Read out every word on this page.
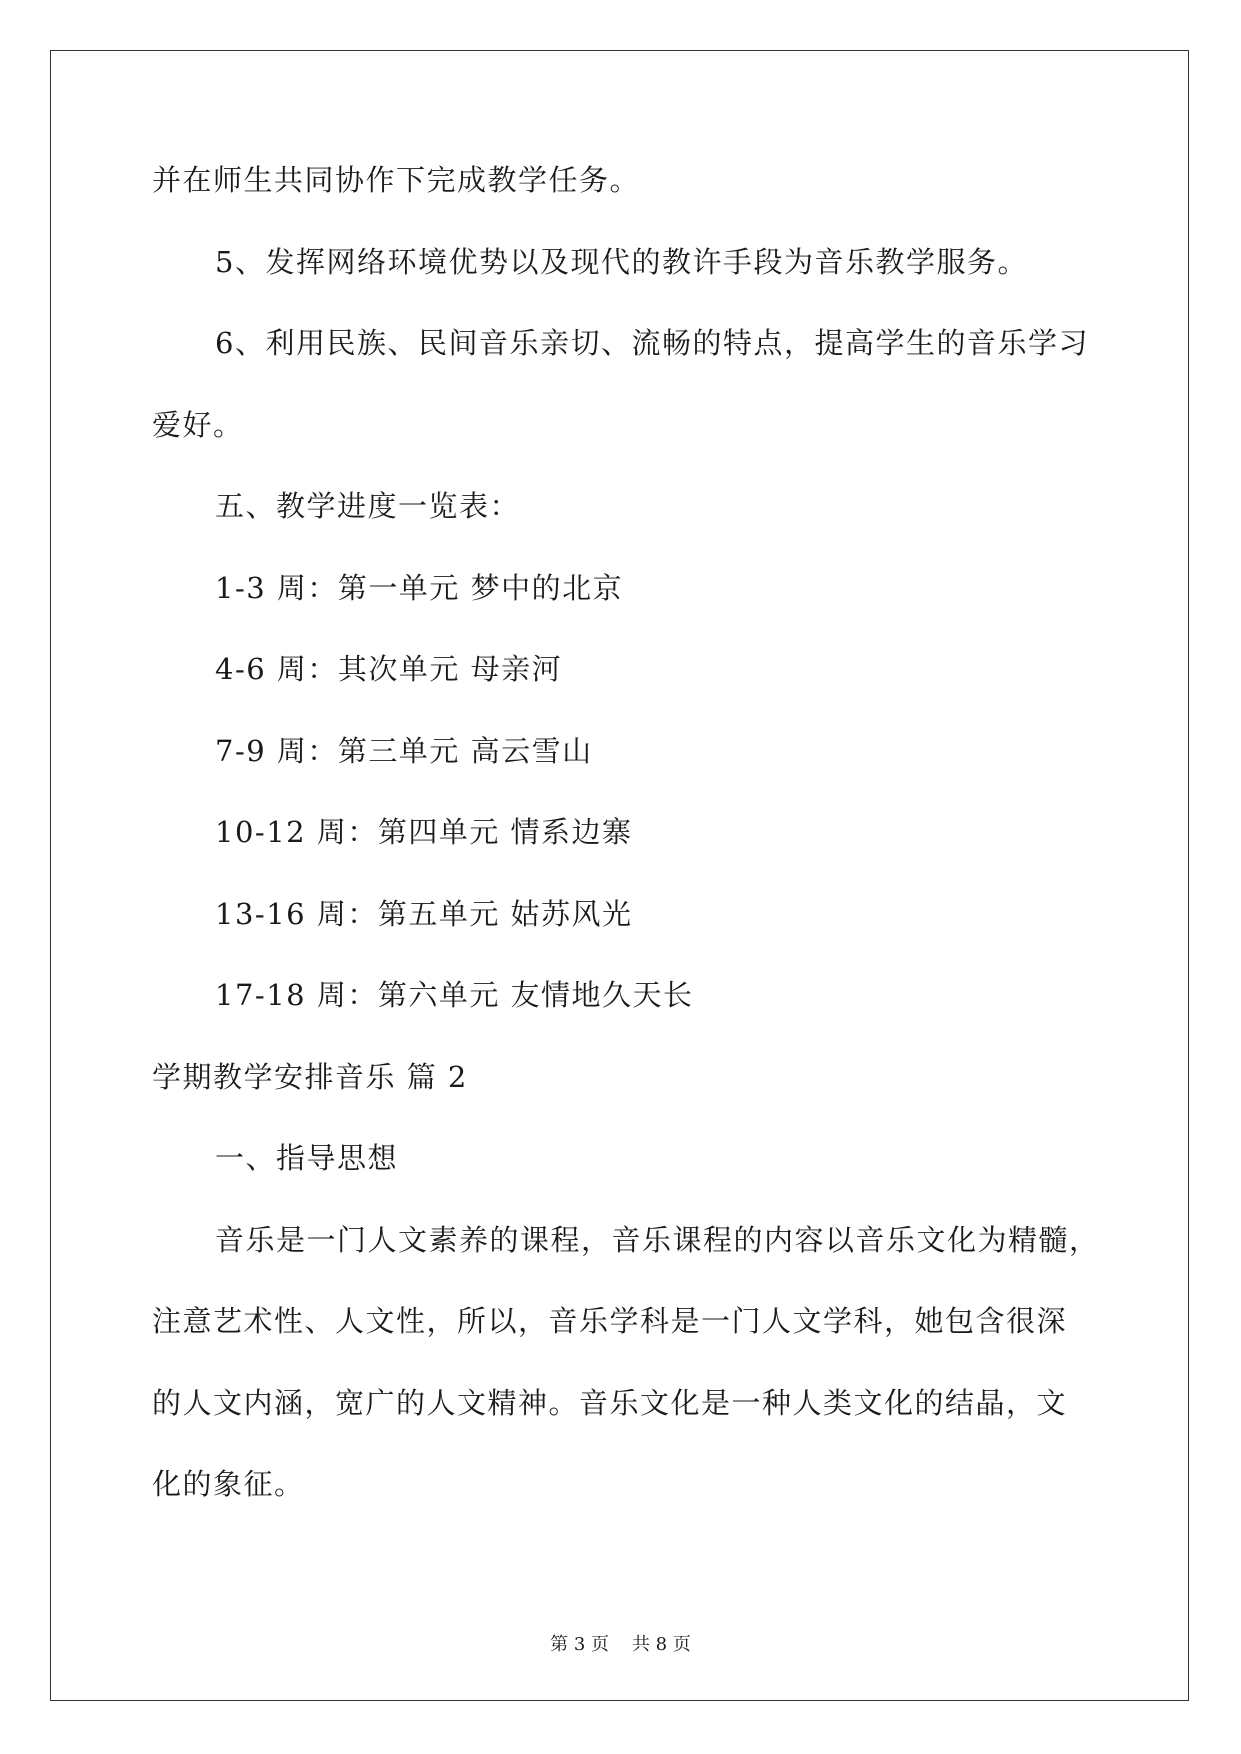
并在师生共同协作下完成教学任务。
5、发挥网络环境优势以及现代的教许手段为音乐教学服务。
6、利用民族、民间音乐亲切、流畅的特点，提高学生的音乐学习
爱好。
五、教学进度一览表：
1-3 周：第一单元 梦中的北京
4-6 周：其次单元 母亲河
7-9 周：第三单元 高云雪山
10-12 周：第四单元 情系边寨
13-16 周：第五单元 姑苏风光
17-18 周：第六单元 友情地久天长
学期教学安排音乐 篇 2
一、指导思想
音乐是一门人文素养的课程，音乐课程的内容以音乐文化为精髓，
注意艺术性、人文性，所以，音乐学科是一门人文学科，她包含很深
的人文内涵，宽广的人文精神。音乐文化是一种人类文化的结晶，文
化的象征。
第 3 页    共 8 页
